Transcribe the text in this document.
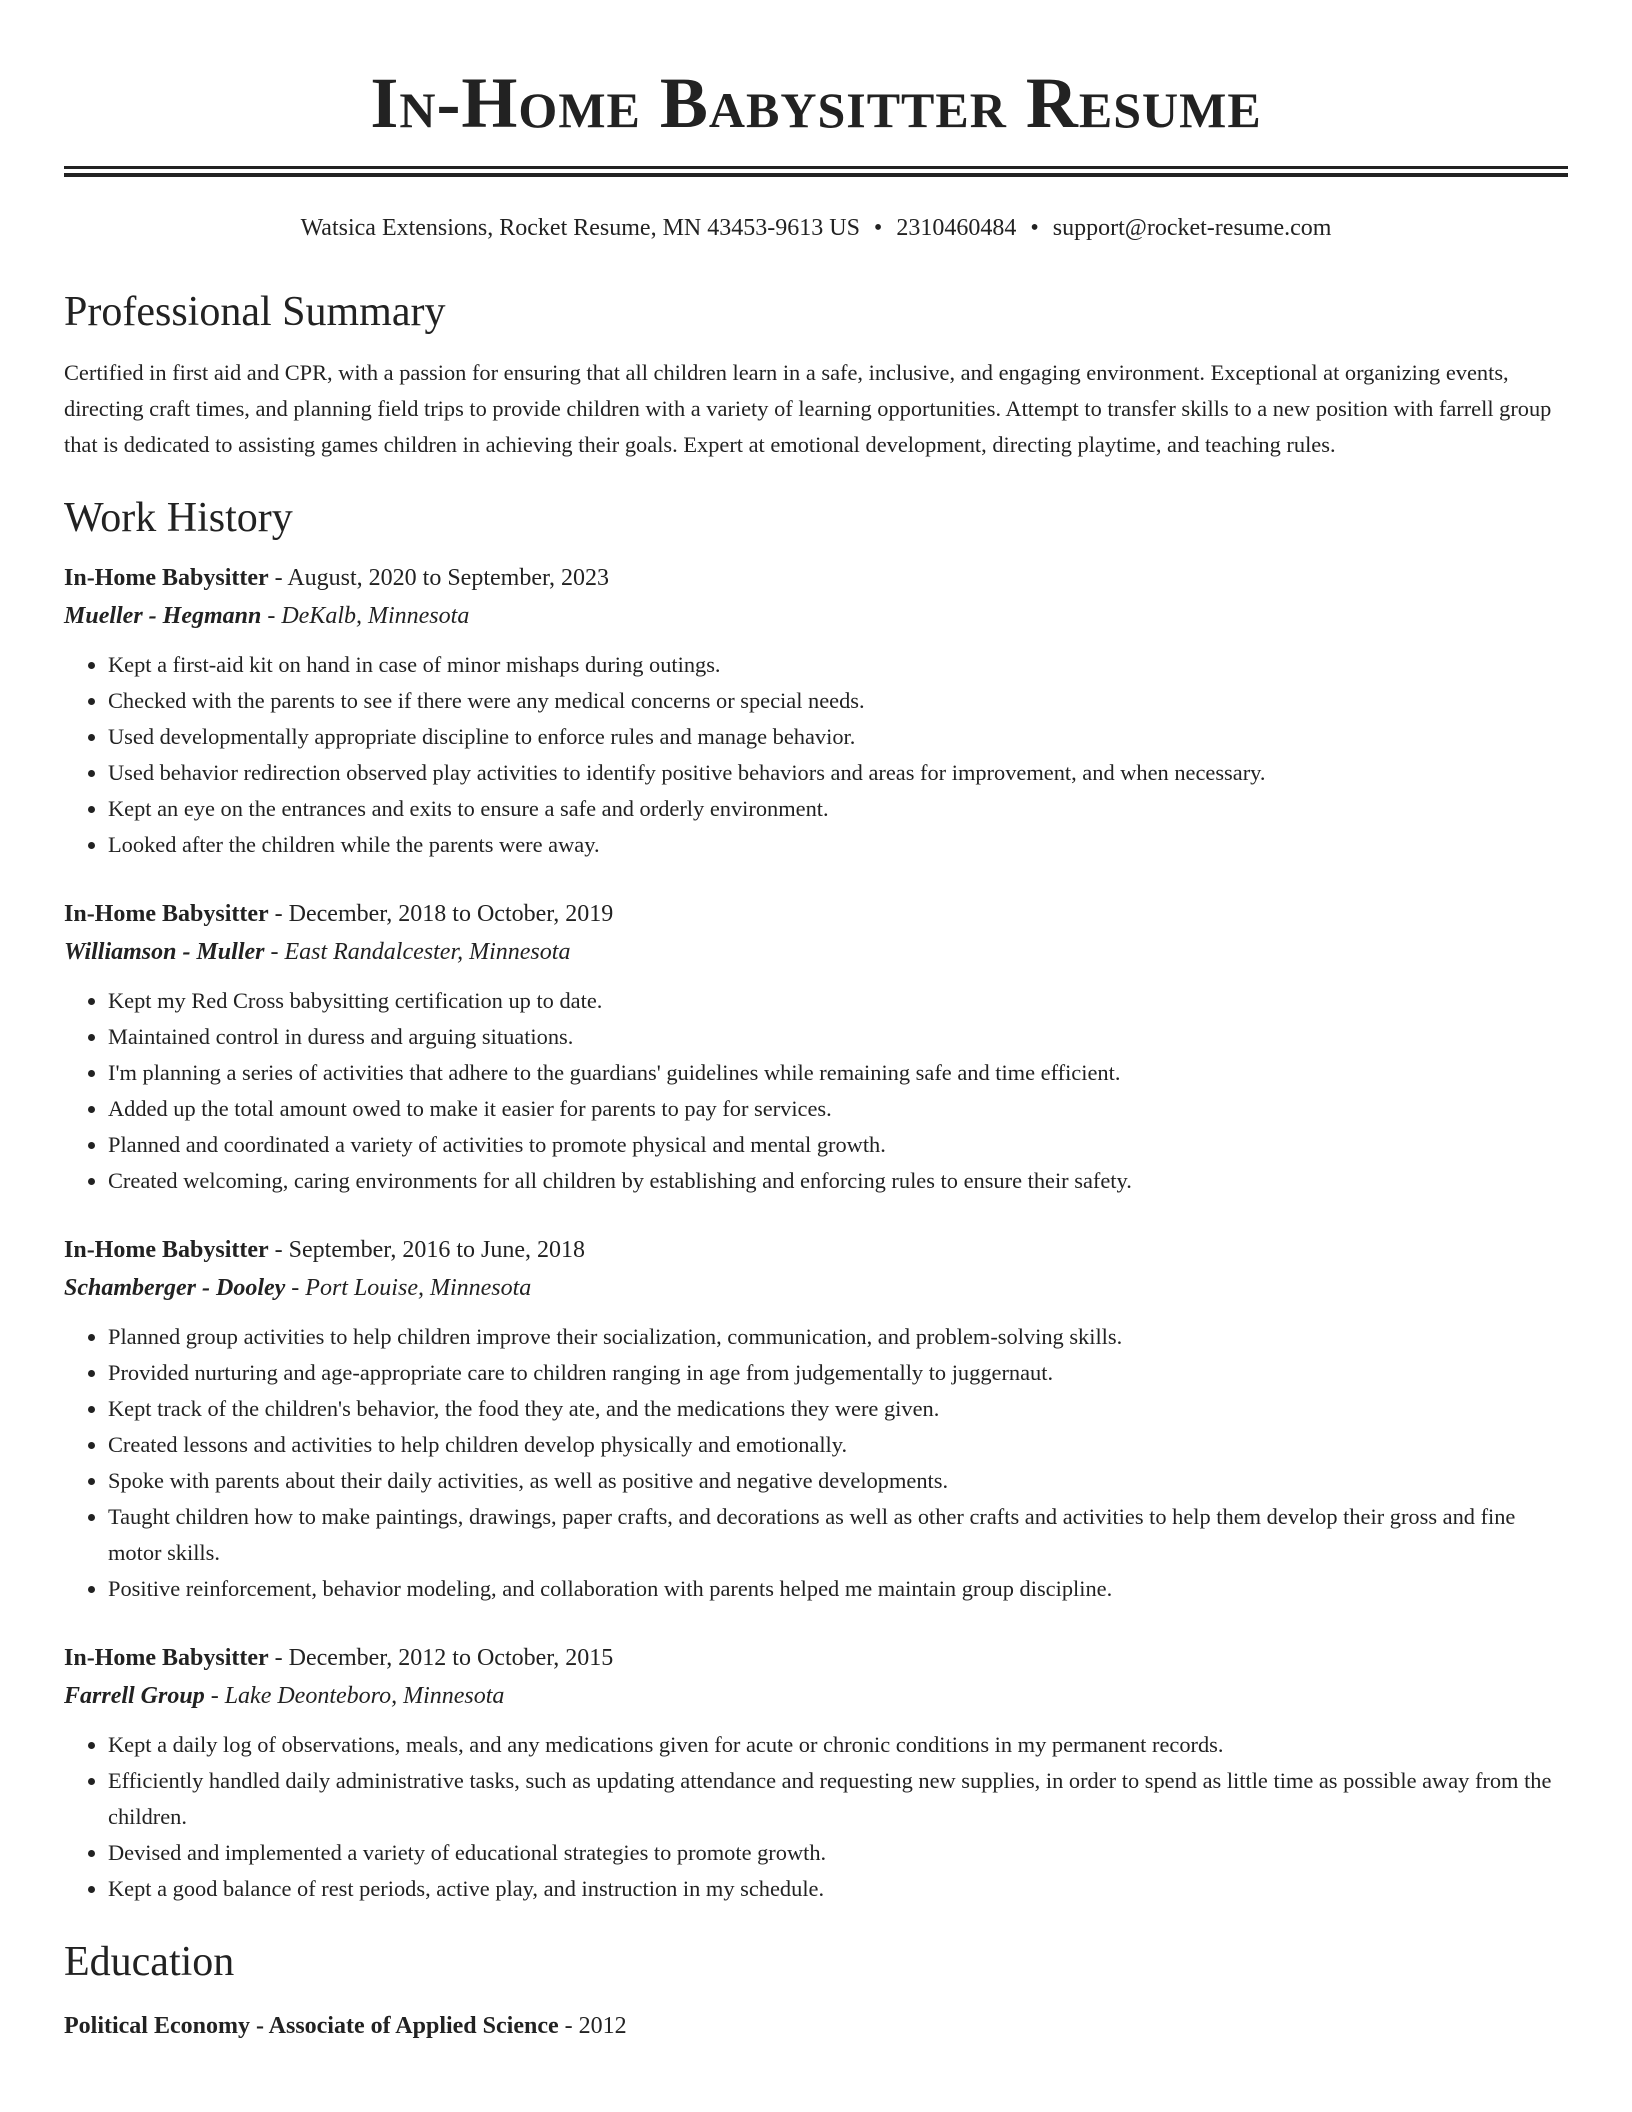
In-Home Babysitter Resume
Watsica Extensions, Rocket Resume, MN 43453-9613 US • 2310460484 • support@rocket-resume.com
Professional Summary

Certified in first aid and CPR, with a passion for ensuring that all children learn in a safe, inclusive, and engaging environment. Exceptional at organizing events, directing craft times, and planning field trips to provide children with a variety of learning opportunities. Attempt to transfer skills to a new position with farrell group that is dedicated to assisting games children in achieving their goals. Expert at emotional development, directing playtime, and teaching rules.

Work History
In-Home Babysitter - August, 2020 to September, 2023
Mueller - Hegmann - DeKalb, Minnesota
• Kept a first-aid kit on hand in case of minor mishaps during outings.
• Checked with the parents to see if there were any medical concerns or special needs.
• Used developmentally appropriate discipline to enforce rules and manage behavior.
• Used behavior redirection observed play activities to identify positive behaviors and areas for improvement, and when necessary.
• Kept an eye on the entrances and exits to ensure a safe and orderly environment.
• Looked after the children while the parents were away.
In-Home Babysitter - December, 2018 to October, 2019
Williamson - Muller - East Randalcester, Minnesota
• Kept my Red Cross babysitting certification up to date.
• Maintained control in duress and arguing situations.
• I'm planning a series of activities that adhere to the guardians' guidelines while remaining safe and time efficient.
• Added up the total amount owed to make it easier for parents to pay for services.
• Planned and coordinated a variety of activities to promote physical and mental growth.
• Created welcoming, caring environments for all children by establishing and enforcing rules to ensure their safety.
In-Home Babysitter - September, 2016 to June, 2018
Schamberger - Dooley - Port Louise, Minnesota
• Planned group activities to help children improve their socialization, communication, and problem-solving skills.
• Provided nurturing and age-appropriate care to children ranging in age from judgementally to juggernaut.
• Kept track of the children's behavior, the food they ate, and the medications they were given.
• Created lessons and activities to help children develop physically and emotionally.
• Spoke with parents about their daily activities, as well as positive and negative developments.
• Taught children how to make paintings, drawings, paper crafts, and decorations as well as other crafts and activities to help them develop their gross and fine motor skills.
• Positive reinforcement, behavior modeling, and collaboration with parents helped me maintain group discipline.
In-Home Babysitter - December, 2012 to October, 2015
Farrell Group - Lake Deonteboro, Minnesota
• Kept a daily log of observations, meals, and any medications given for acute or chronic conditions in my permanent records.
• Efficiently handled daily administrative tasks, such as updating attendance and requesting new supplies, in order to spend as little time as possible away from the children.
• Devised and implemented a variety of educational strategies to promote growth.
• Kept a good balance of rest periods, active play, and instruction in my schedule.
Education
Political Economy - Associate of Applied Science - 2012
